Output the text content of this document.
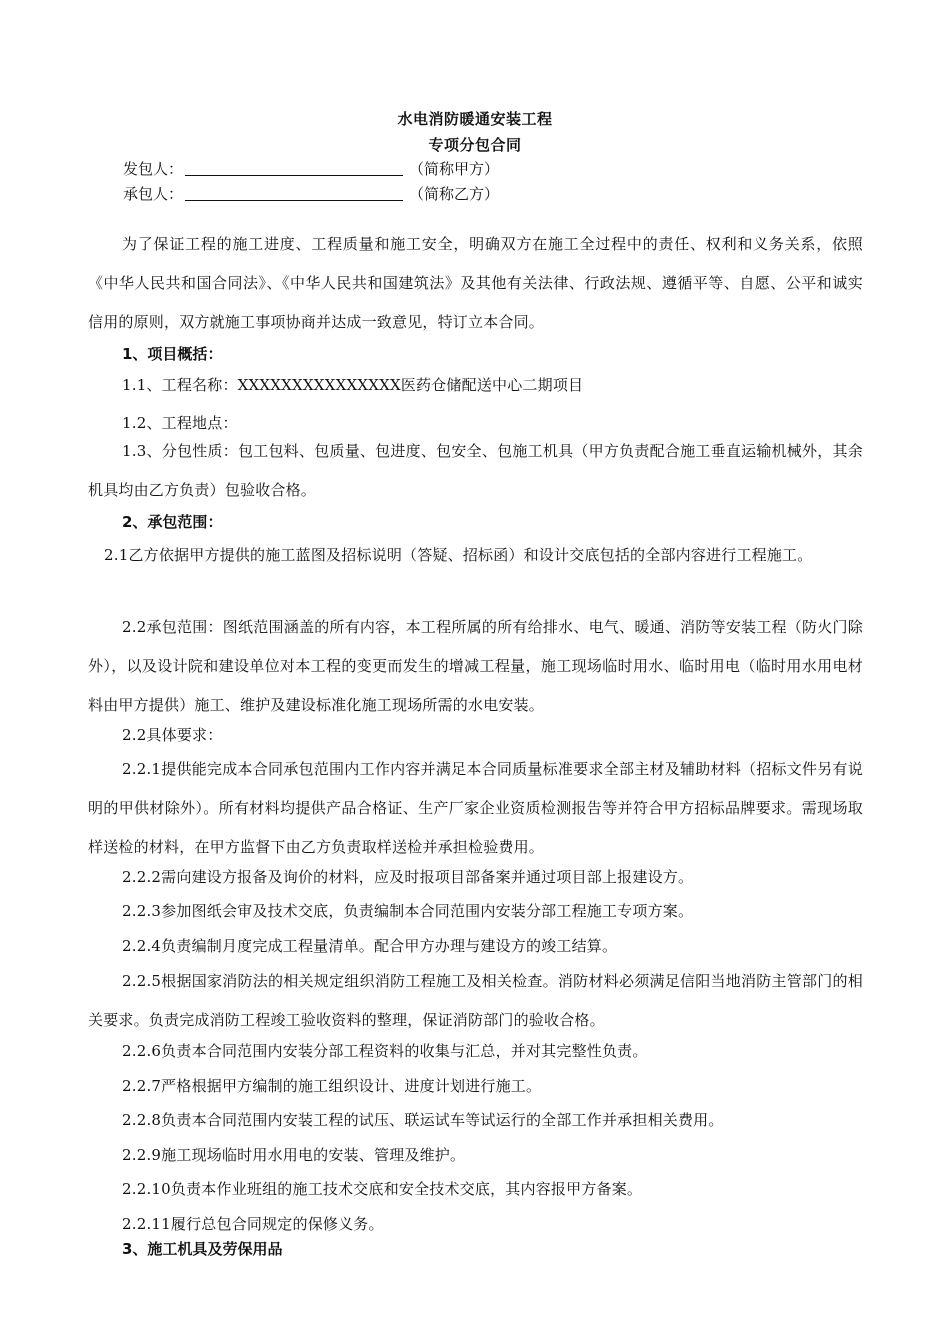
水电消防暖通安装工程
专项分包合同
发包人：	（简称甲方）
承包人：	（简称乙方）
为了保证工程的施工进度、工程质量和施工安全，明确双方在施工全过程中的责任、权利和义务关系，依照《中华人民共和国合同法》、《中华人民共和国建筑法》及其他有关法律、行政法规、遵循平等、自愿、公平和诚实信用的原则，双方就施工事项协商并达成一致意见，特订立本合同。
1、项目概括：
1.1、工程名称：XXXXXXXXXXXXXXX医药仓储配送中心二期项目
1.2、工程地点：
1.3、分包性质：包工包料、包质量、包进度、包安全、包施工机具（甲方负责配合施工垂直运输机械外，其余机具均由乙方负责）包验收合格。
2、承包范围：
2.1乙方依据甲方提供的施工蓝图及招标说明（答疑、招标函）和设计交底包括的全部内容进行工程施工。
2.2承包范围：图纸范围涵盖的所有内容，本工程所属的所有给排水、电气、暖通、消防等安装工程（防火门除外），以及设计院和建设单位对本工程的变更而发生的增减工程量，施工现场临时用水、临时用电（临时用水用电材料由甲方提供）施工、维护及建设标准化施工现场所需的水电安装。
2.2具体要求：
2.2.1提供能完成本合同承包范围内工作内容并满足本合同质量标准要求全部主材及辅助材料（招标文件另有说明的甲供材除外）。所有材料均提供产品合格证、生产厂家企业资质检测报告等并符合甲方招标品牌要求。需现场取样送检的材料，在甲方监督下由乙方负责取样送检并承担检验费用。
2.2.2需向建设方报备及询价的材料，应及时报项目部备案并通过项目部上报建设方。
2.2.3参加图纸会审及技术交底，负责编制本合同范围内安装分部工程施工专项方案。
2.2.4负责编制月度完成工程量清单。配合甲方办理与建设方的竣工结算。
2.2.5根据国家消防法的相关规定组织消防工程施工及相关检查。消防材料必须满足信阳当地消防主管部门的相关要求。负责完成消防工程竣工验收资料的整理，保证消防部门的验收合格。
2.2.6负责本合同范围内安装分部工程资料的收集与汇总，并对其完整性负责。
2.2.7严格根据甲方编制的施工组织设计、进度计划进行施工。
2.2.8负责本合同范围内安装工程的试压、联运试车等试运行的全部工作并承担相关费用。
2.2.9施工现场临时用水用电的安装、管理及维护。
2.2.10负责本作业班组的施工技术交底和安全技术交底，其内容报甲方备案。
2.2.11履行总包合同规定的保修义务。
3、施工机具及劳保用品
